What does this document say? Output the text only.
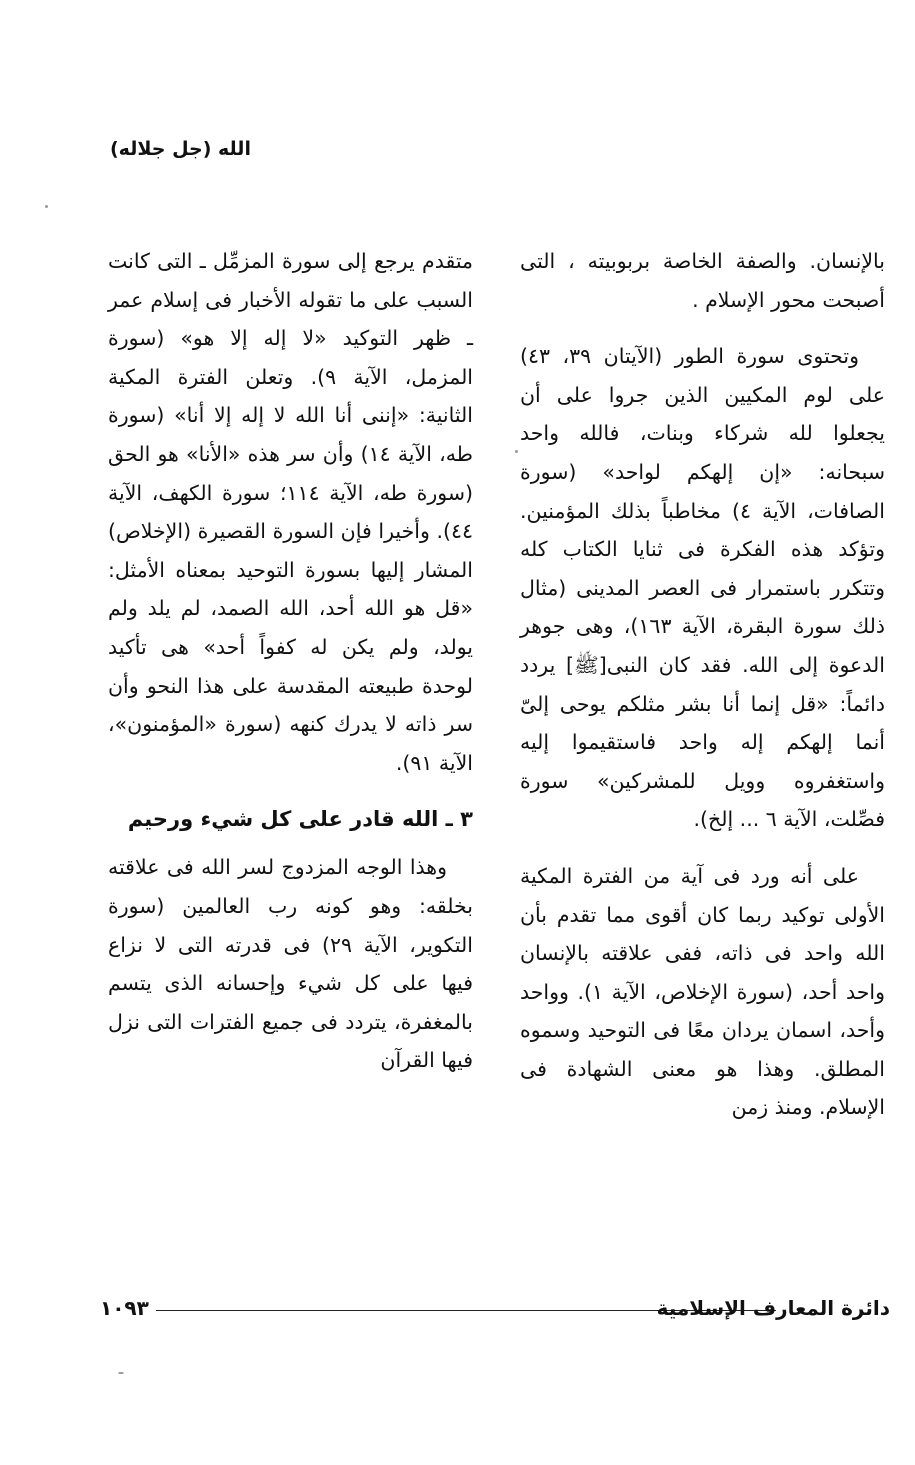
الله (جل جلاله)

بالإنسان. والصفة الخاصة بربوبيته ، التى أصبحت محور الإسلام .

وتحتوى سورة الطور (الآيتان ٣٩، ٤٣) على لوم المكيين الذين جروا على أن يجعلوا لله شركاء وبنات، فالله واحد سبحانه: «إن إلهكم لواحد» (سورة الصافات، الآية ٤) مخاطباً بذلك المؤمنين. وتؤكد هذه الفكرة فى ثنايا الكتاب كله وتتكرر باستمرار فى العصر المدينى (مثال ذلك سورة البقرة، الآية ١٦٣)، وهى جوهر الدعوة إلى الله. فقد كان النبى[ﷺ] يردد دائماً: «قل إنما أنا بشر مثلكم يوحى إلىّ أنما إلهكم إله واحد فاستقيموا إليه واستغفروه وويل للمشركين» سورة فصِّلت، الآية ٦ ... إلخ).

على أنه ورد فى آية من الفترة المكية الأولى توكيد ربما كان أقوى مما تقدم بأن الله واحد فى ذاته، ففى علاقته بالإنسان واحد أحد، (سورة الإخلاص، الآية ١). وواحد وأحد، اسمان يردان معًا فى التوحيد وسموه المطلق. وهذا هو معنى الشهادة فى الإسلام. ومنذ زمن

متقدم يرجع إلى سورة المزمِّل ـ التى كانت السبب على ما تقوله الأخبار فى إسلام عمر ـ ظهر التوكيد «لا إله إلا هو» (سورة المزمل، الآية ٩). وتعلن الفترة المكية الثانية: «إننى أنا الله لا إله إلا أنا» (سورة طه، الآية ١٤) وأن سر هذه «الأنا» هو الحق (سورة طه، الآية ١١٤؛ سورة الكهف، الآية ٤٤). وأخيرا فإن السورة القصيرة (الإخلاص) المشار إليها بسورة التوحيد بمعناه الأمثل: «قل هو الله أحد، الله الصمد، لم يلد ولم يولد، ولم يكن له كفواً أحد» هى تأكيد لوحدة طبيعته المقدسة على هذا النحو وأن سر ذاته لا يدرك كنهه (سورة «المؤمنون»، الآية ٩١).

٣ ـ الله قادر على كل شيء ورحيم

وهذا الوجه المزدوج لسر الله فى علاقته بخلقه: وهو كونه رب العالمين (سورة التكوير، الآية ٢٩) فى قدرته التى لا نزاع فيها على كل شيء وإحسانه الذى يتسم بالمغفرة، يتردد فى جميع الفترات التى نزل فيها القرآن

١٠٩٣	دائرة المعارف الإسلامية
